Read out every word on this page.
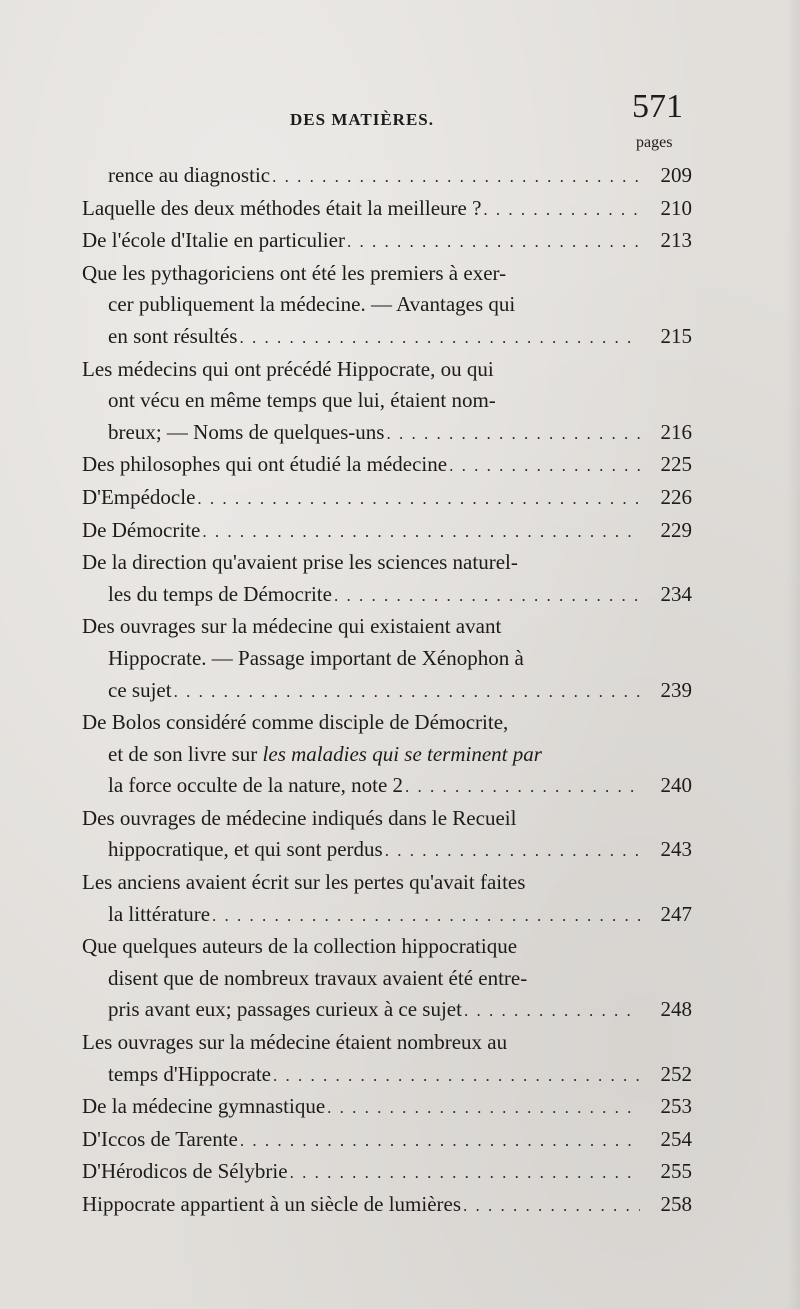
DES MATIÈRES.	571
pages
rence au diagnostic . . .	209
Laquelle des deux méthodes était la meilleure ? . . .	210
De l'école d'Italie en particulier . . .	213
Que les pythagoriciens ont été les premiers à exer-
cer publiquement la médecine. — Avantages qui
en sont résultés . . .	215
Les médecins qui ont précédé Hippocrate, ou qui
ont vécu en même temps que lui, étaient nom-
breux; — Noms de quelques-uns . . .	216
Des philosophes qui ont étudié la médecine . . .	225
D'Empédocle . . .	226
De Démocrite . . .	229
De la direction qu'avaient prise les sciences naturel-
les du temps de Démocrite . . .	234
Des ouvrages sur la médecine qui existaient avant
Hippocrate. — Passage important de Xénophon à
ce sujet . . .	239
De Bolos considéré comme disciple de Démocrite,
et de son livre sur les maladies qui se terminent par
la force occulte de la nature, note 2 . . .	240
Des ouvrages de médecine indiqués dans le Recueil
hippocratique, et qui sont perdus . . .	243
Les anciens avaient écrit sur les pertes qu'avait faites
la littérature . . .	247
Que quelques auteurs de la collection hippocratique
disent que de nombreux travaux avaient été entre-
pris avant eux; passages curieux à ce sujet . . .	248
Les ouvrages sur la médecine étaient nombreux au
temps d'Hippocrate . . .	252
De la médecine gymnastique . . .	253
D'Iccos de Tarente . . .	254
D'Hérodicos de Sélybrie . . .	255
Hippocrate appartient à un siècle de lumières . . .	258
